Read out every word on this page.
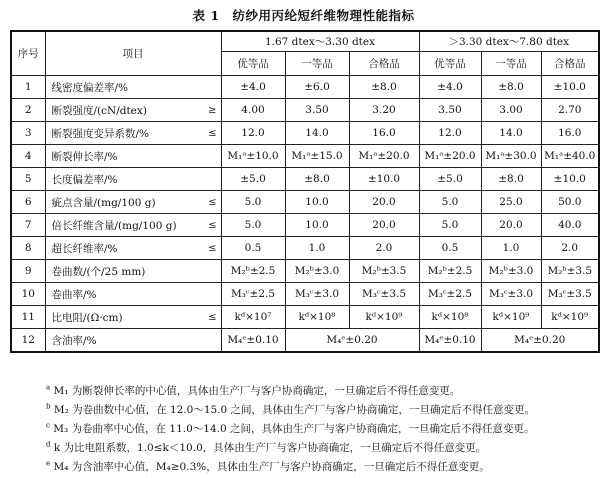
表 1　纺纱用丙纶短纤维物理性能指标
序号	项目		1.67 dtex～3.30 dtex			＞3.30 dtex～7.80 dtex		
			优等品	一等品	合格品	优等品	一等品	合格品
1	线密度偏差率/%		±4.0	±6.0	±8.0	±4.0	±8.0	±10.0
2	断裂强度/(cN/dtex)	≥	4.00	3.50	3.20	3.50	3.00	2.70
3	断裂强度变异系数/%	≤	12.0	14.0	16.0	12.0	14.0	16.0
4	断裂伸长率/%		M₁ᵃ±10.0	M₁ᵃ±15.0	M₁ᵃ±20.0	M₁ᵃ±20.0	M₁ᵃ±30.0	M₁ᵃ±40.0
5	长度偏差率/%		±5.0	±8.0	±10.0	±5.0	±8.0	±10.0
6	疵点含量/(mg/100 g)	≤	5.0	10.0	20.0	5.0	25.0	50.0
7	倍长纤维含量/(mg/100 g)	≤	5.0	10.0	20.0	5.0	20.0	40.0
8	超长纤维率/%	≤	0.5	1.0	2.0	0.5	1.0	2.0
9	卷曲数/(个/25 mm)		M₂ᵇ±2.5	M₂ᵇ±3.0	M₂ᵇ±3.5	M₂ᵇ±2.5	M₂ᵇ±3.0	M₂ᵇ±3.5
10	卷曲率/%		M₃ᶜ±2.5	M₃ᶜ±3.0	M₃ᶜ±3.5	M₃ᶜ±2.5	M₃ᶜ±3.0	M₃ᶜ±3.5
11	比电阻/(Ω·cm)	≤	kᵈ×10⁷	kᵈ×10⁸	kᵈ×10⁹	kᵈ×10⁸	kᵈ×10⁹	kᵈ×10⁹
12	含油率/%		M₄ᵉ±0.10	M₄ᵉ±0.20		M₄ᵉ±0.10	M₄ᵉ±0.20	
$^a$ M₁ 为断裂伸长率的中心值，具体由生产厂与客户协商确定，一旦确定后不得任意变更。
$^b$ M₂ 为卷曲数中心值，在 12.0～15.0 之间，具体由生产厂与客户协商确定，一旦确定后不得任意变更。
$^c$ M₃ 为卷曲率中心值，在 11.0～14.0 之间，具体由生产厂与客户协商确定，一旦确定后不得任意变更。
$^d$ k 为比电阻系数，1.0≤k＜10.0，具体由生产厂与客户协商确定，一旦确定后不得任意变更。
$^e$ M₄ 为含油率中心值，M₄≥0.3%，具体由生产厂与客户协商确定，一旦确定后不得任意变更。
